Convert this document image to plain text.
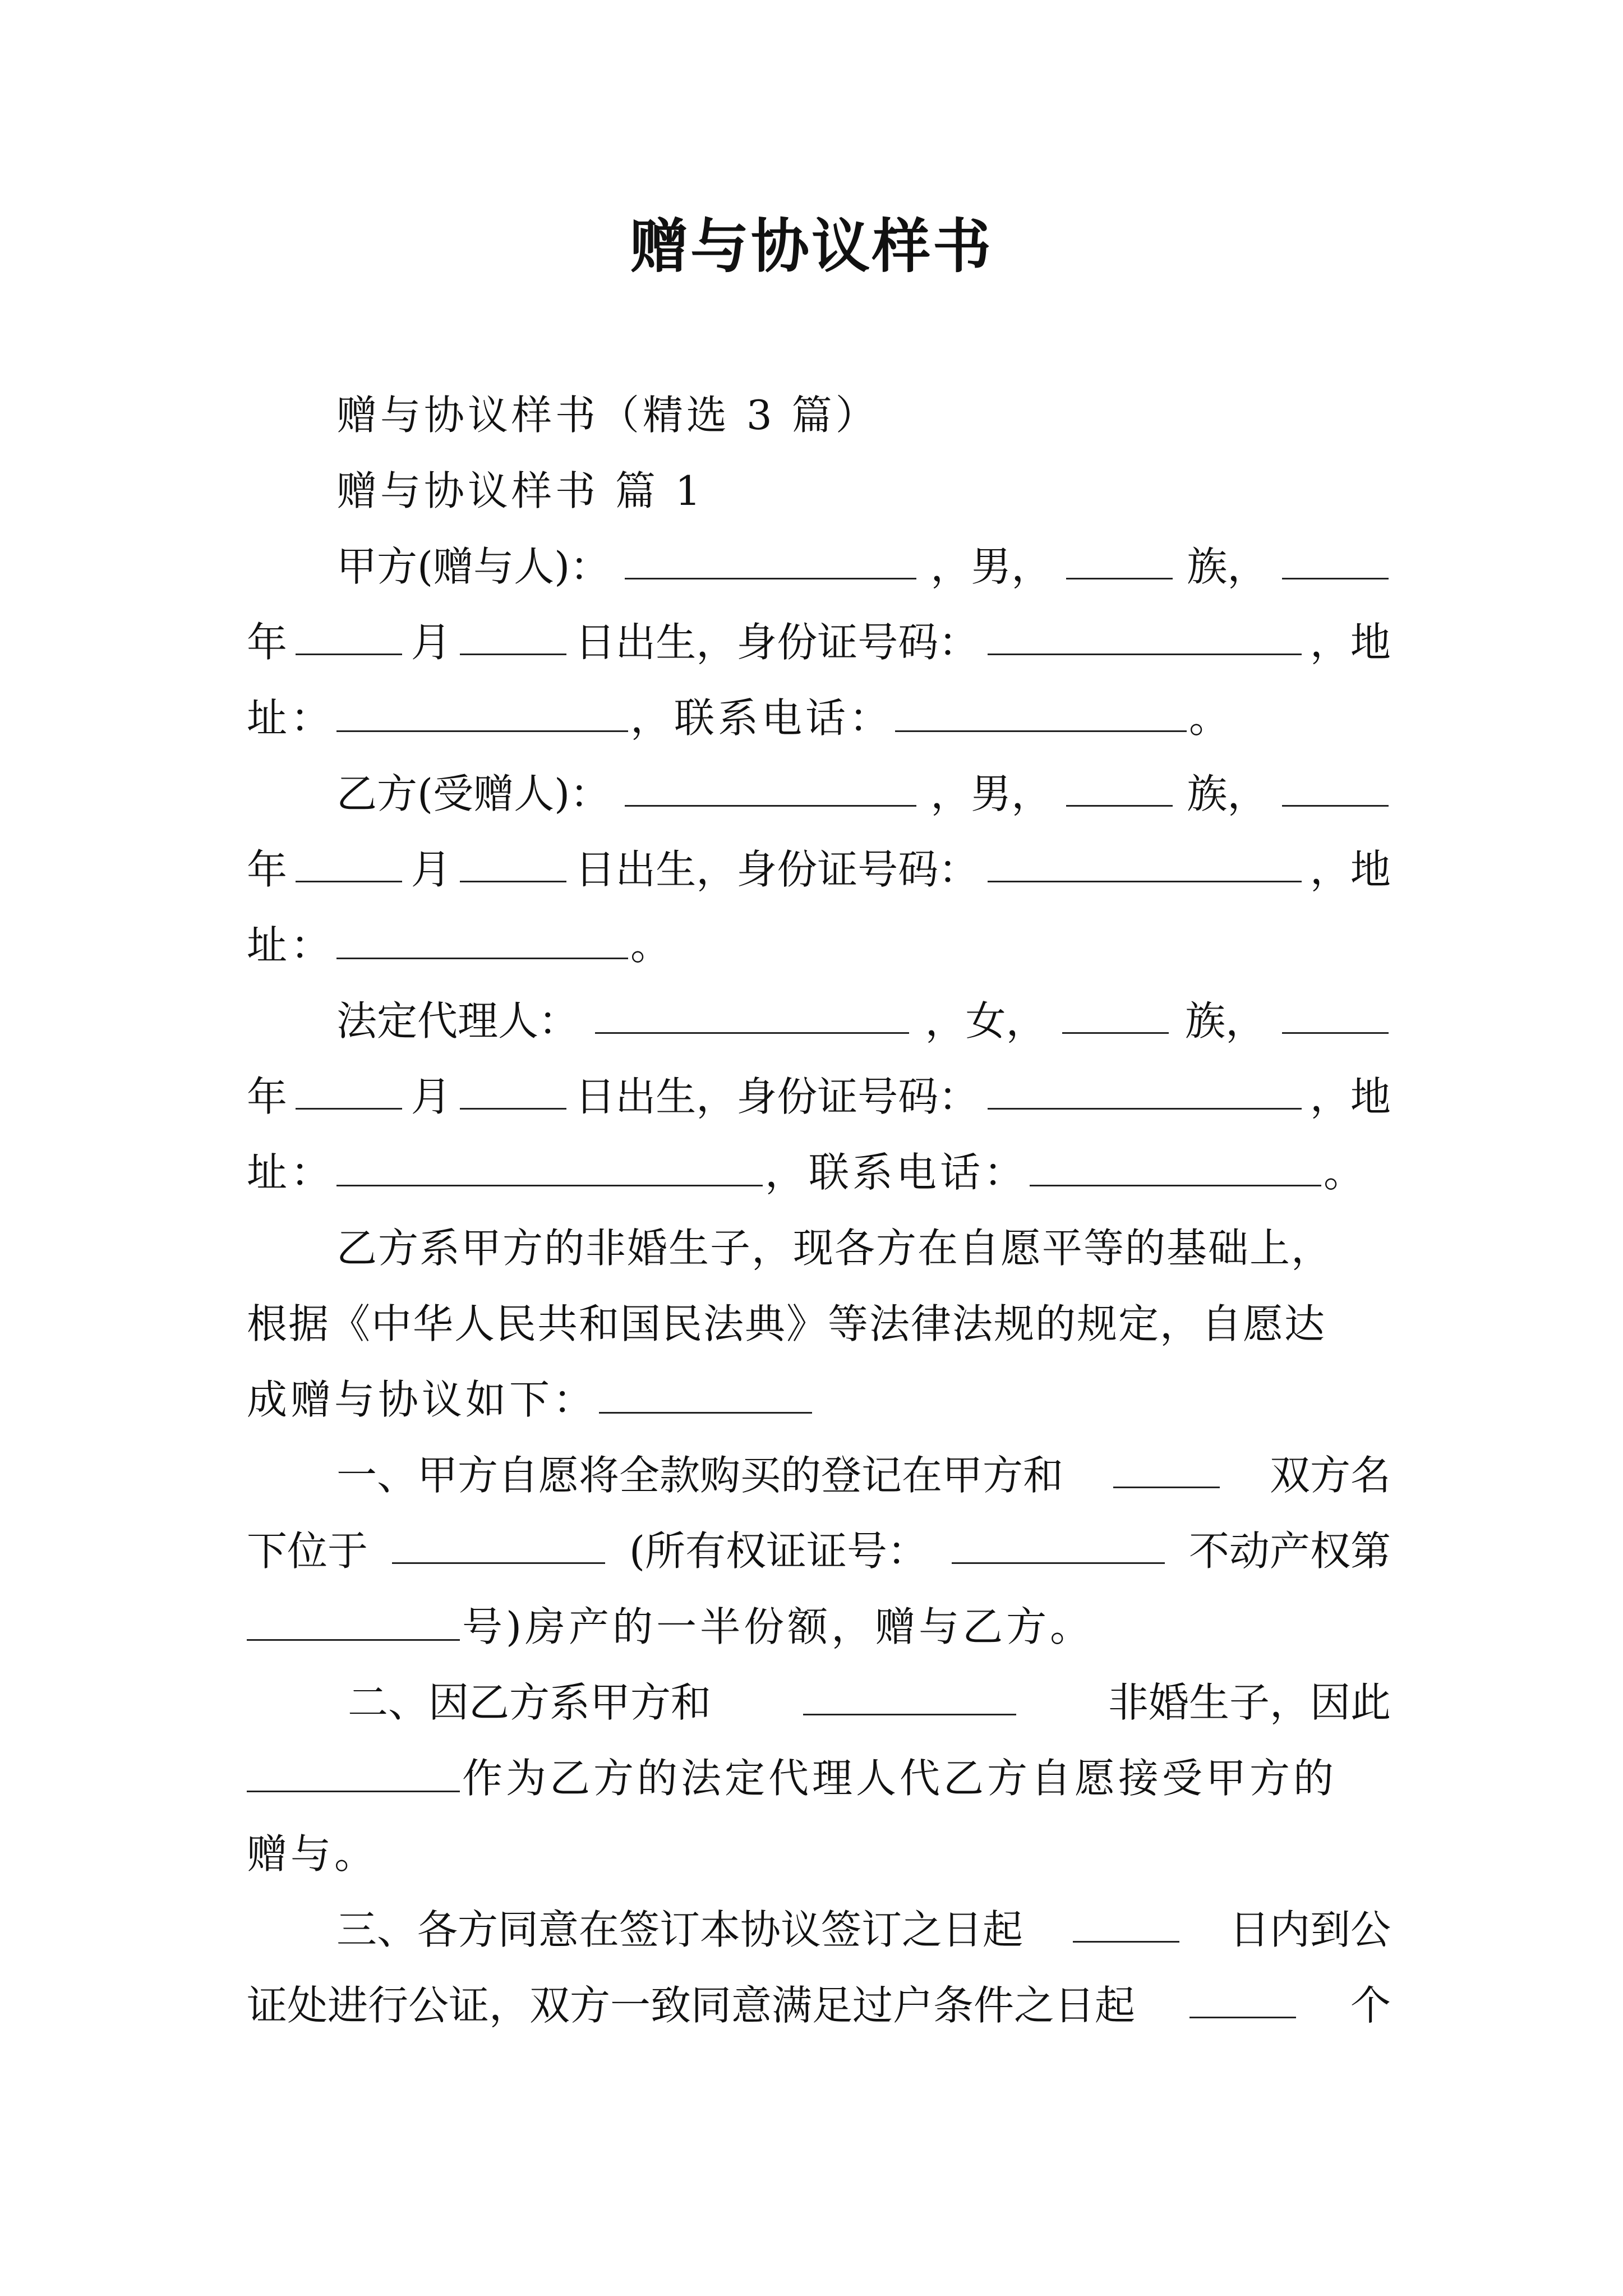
赠与协议样书
赠与协议样书（精选 3 篇）
赠与协议样书 篇 1
甲方(赠与人)：	，男，	族，
年	月	日出生，身份证号码：	，地
址：	，联系电话：	。
乙方(受赠人)：	，男，	族，
年	月	日出生，身份证号码：	，地
址：	。
法定代理人：	，女，	族，
年	月	日出生，身份证号码：	，地
址：	，联系电话：	。
乙方系甲方的非婚生子，现各方在自愿平等的基础上，
根据《中华人民共和国民法典》等法律法规的规定，自愿达
成赠与协议如下：
一、甲方自愿将全款购买的登记在甲方和	双方名
下位于	(所有权证证号：	不动产权第
号)房产的一半份额，赠与乙方。
二、因乙方系甲方和	非婚生子，因此
作为乙方的法定代理人代乙方自愿接受甲方的
赠与。
三、各方同意在签订本协议签订之日起	日内到公
证处进行公证，双方一致同意满足过户条件之日起	个
